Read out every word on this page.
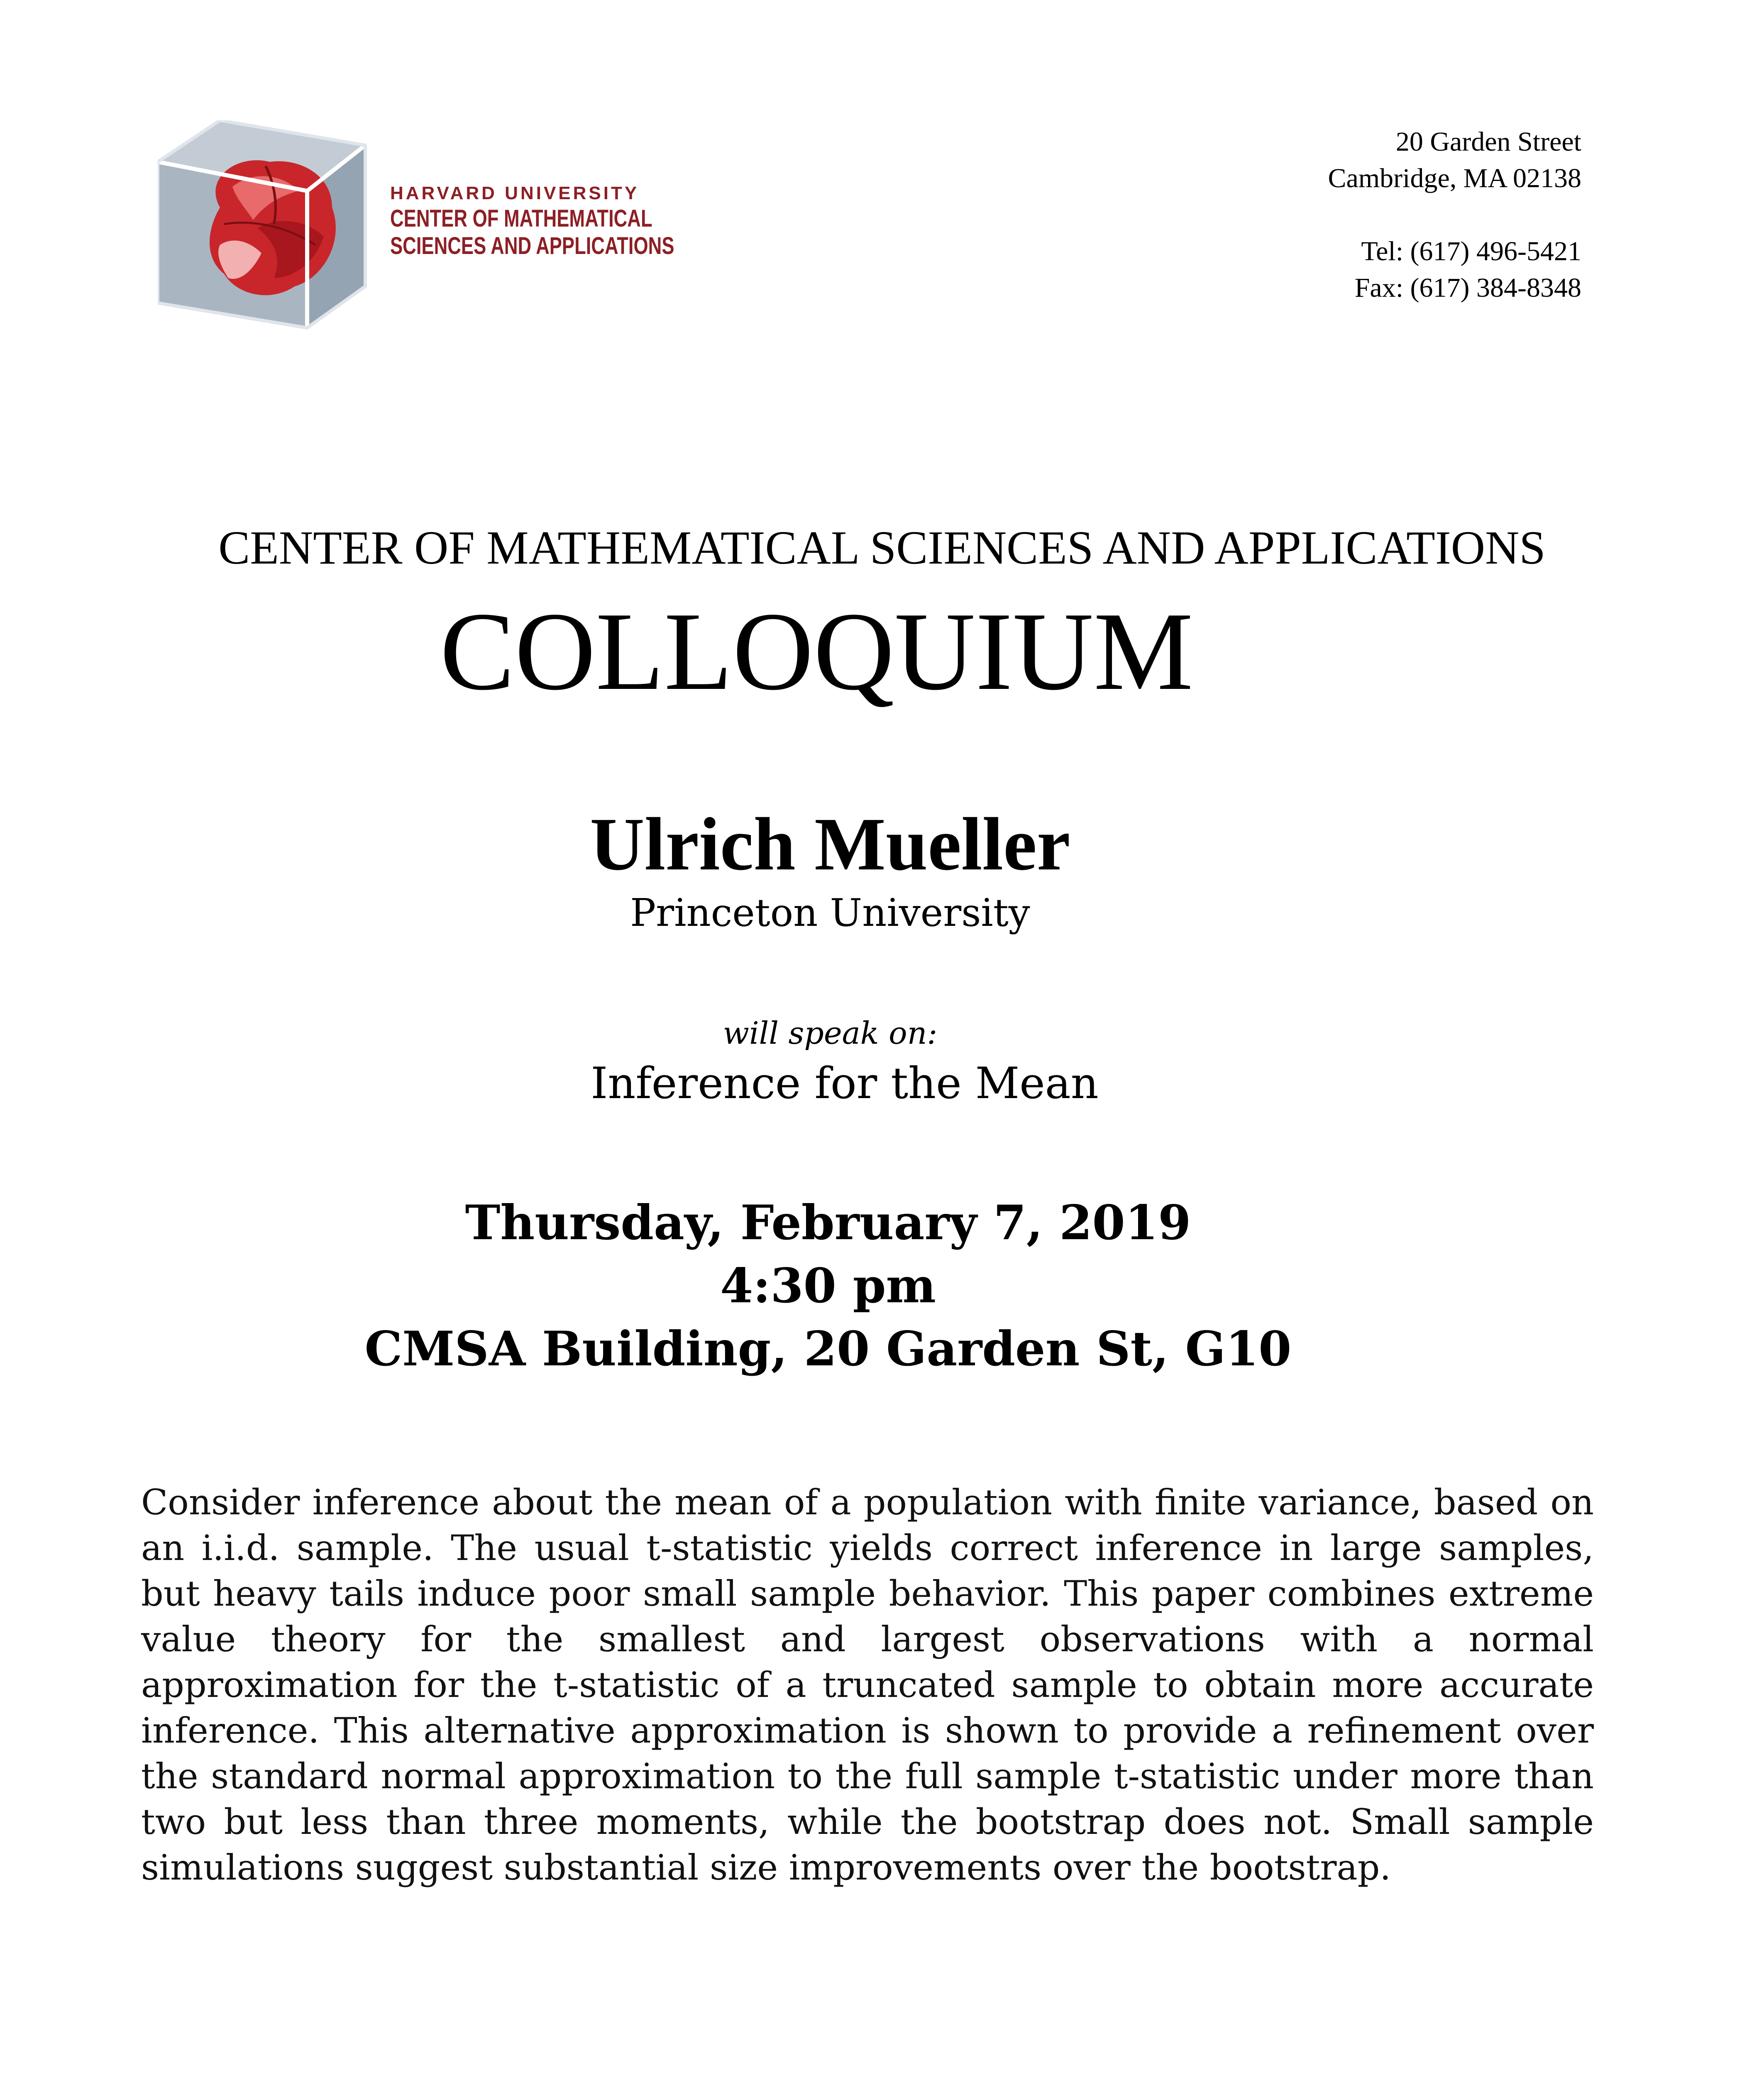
HARVARD UNIVERSITY
CENTER OF MATHEMATICAL
SCIENCES AND APPLICATIONS
20 Garden Street
Cambridge, MA 02138
Tel: (617) 496-5421
Fax: (617) 384-8348
CENTER OF MATHEMATICAL SCIENCES AND APPLICATIONS
COLLOQUIUM
Ulrich Mueller
Princeton University
will speak on:
Inference for the Mean
Thursday, February 7, 2019
4:30 pm
CMSA Building, 20 Garden St, G10
Consider inference about the mean of a population with finite variance, based on an i.i.d. sample. The usual t-statistic yields correct inference in large samples, but heavy tails induce poor small sample behavior. This paper combines extreme value theory for the smallest and largest observations with a normal approximation for the t-statistic of a truncated sample to obtain more accurate inference. This alternative approximation is shown to provide a refinement over the standard normal approximation to the full sample t-statistic under more than two but less than three moments, while the bootstrap does not. Small sample simulations suggest substantial size improvements over the bootstrap.
